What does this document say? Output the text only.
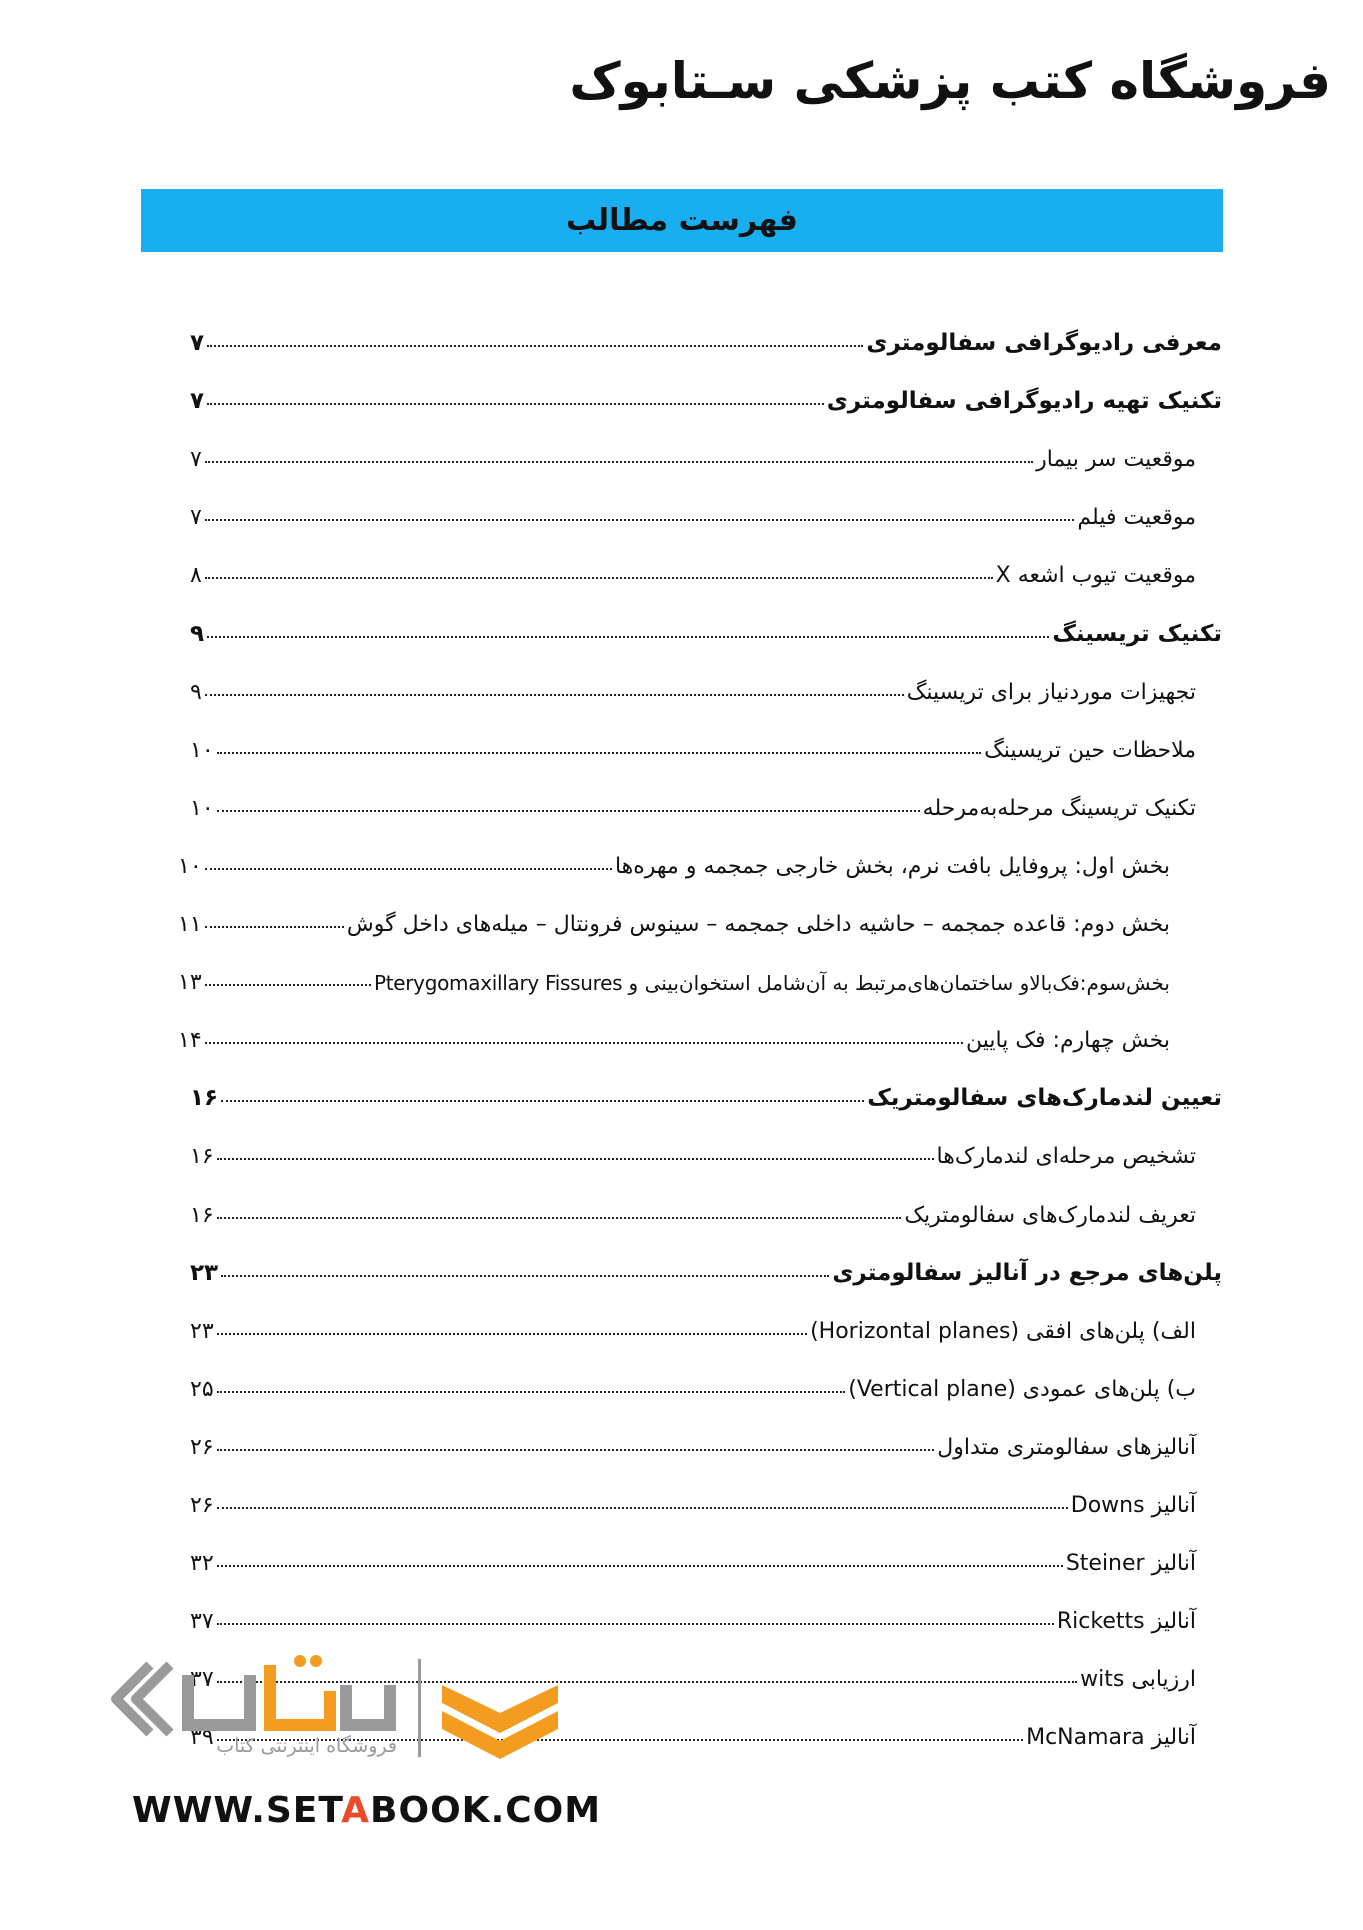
فروشگاه کتب پزشکی سـتابوک
فهرست مطالب
معرفی رادیوگرافی سفالومتری
۷
تکنیک تهیه رادیوگرافی سفالومتری
۷
موقعیت سر بیمار
۷
موقعیت فیلم
۷
موقعیت تیوب اشعه X
۸
تکنیک تریسینگ
۹
تجهیزات موردنیاز برای تریسینگ
۹
ملاحظات حین تریسینگ
۱۰
تکنیک تریسینگ مرحله‌به‌مرحله
۱۰
بخش اول: پروفایل بافت نرم، بخش خارجی جمجمه و مهره‌ها
۱۰
بخش دوم: قاعده جمجمه – حاشیه داخلی جمجمه – سینوس فرونتال – میله‌های داخل گوش
۱۱
بخش‌سوم:فک‌بالاو ساختمان‌های‌مرتبط به آن‌شامل استخوان‌بینی و Pterygomaxillary Fissures
۱۳
بخش چهارم: فک پایین
۱۴
تعیین لندمارک‌های سفالومتریک
۱۶
تشخیص مرحله‌ای لندمارک‌ها
۱۶
تعریف لندمارک‌های سفالومتریک
۱۶
پلن‌های مرجع در آنالیز سفالومتری
۲۳
الف) پلن‌های افقی (Horizontal planes)
۲۳
ب) پلن‌های عمودی (Vertical plane)
۲۵
آنالیزهای سفالومتری متداول
۲۶
آنالیز Downs
۲۶
آنالیز Steiner
۳۲
آنالیز Ricketts
۳۷
ارزیابی wits
۳۷
آنالیز McNamara
۳۹ فروشگاه اینترنتی کتاب
WWW.SETABOOK.COM
